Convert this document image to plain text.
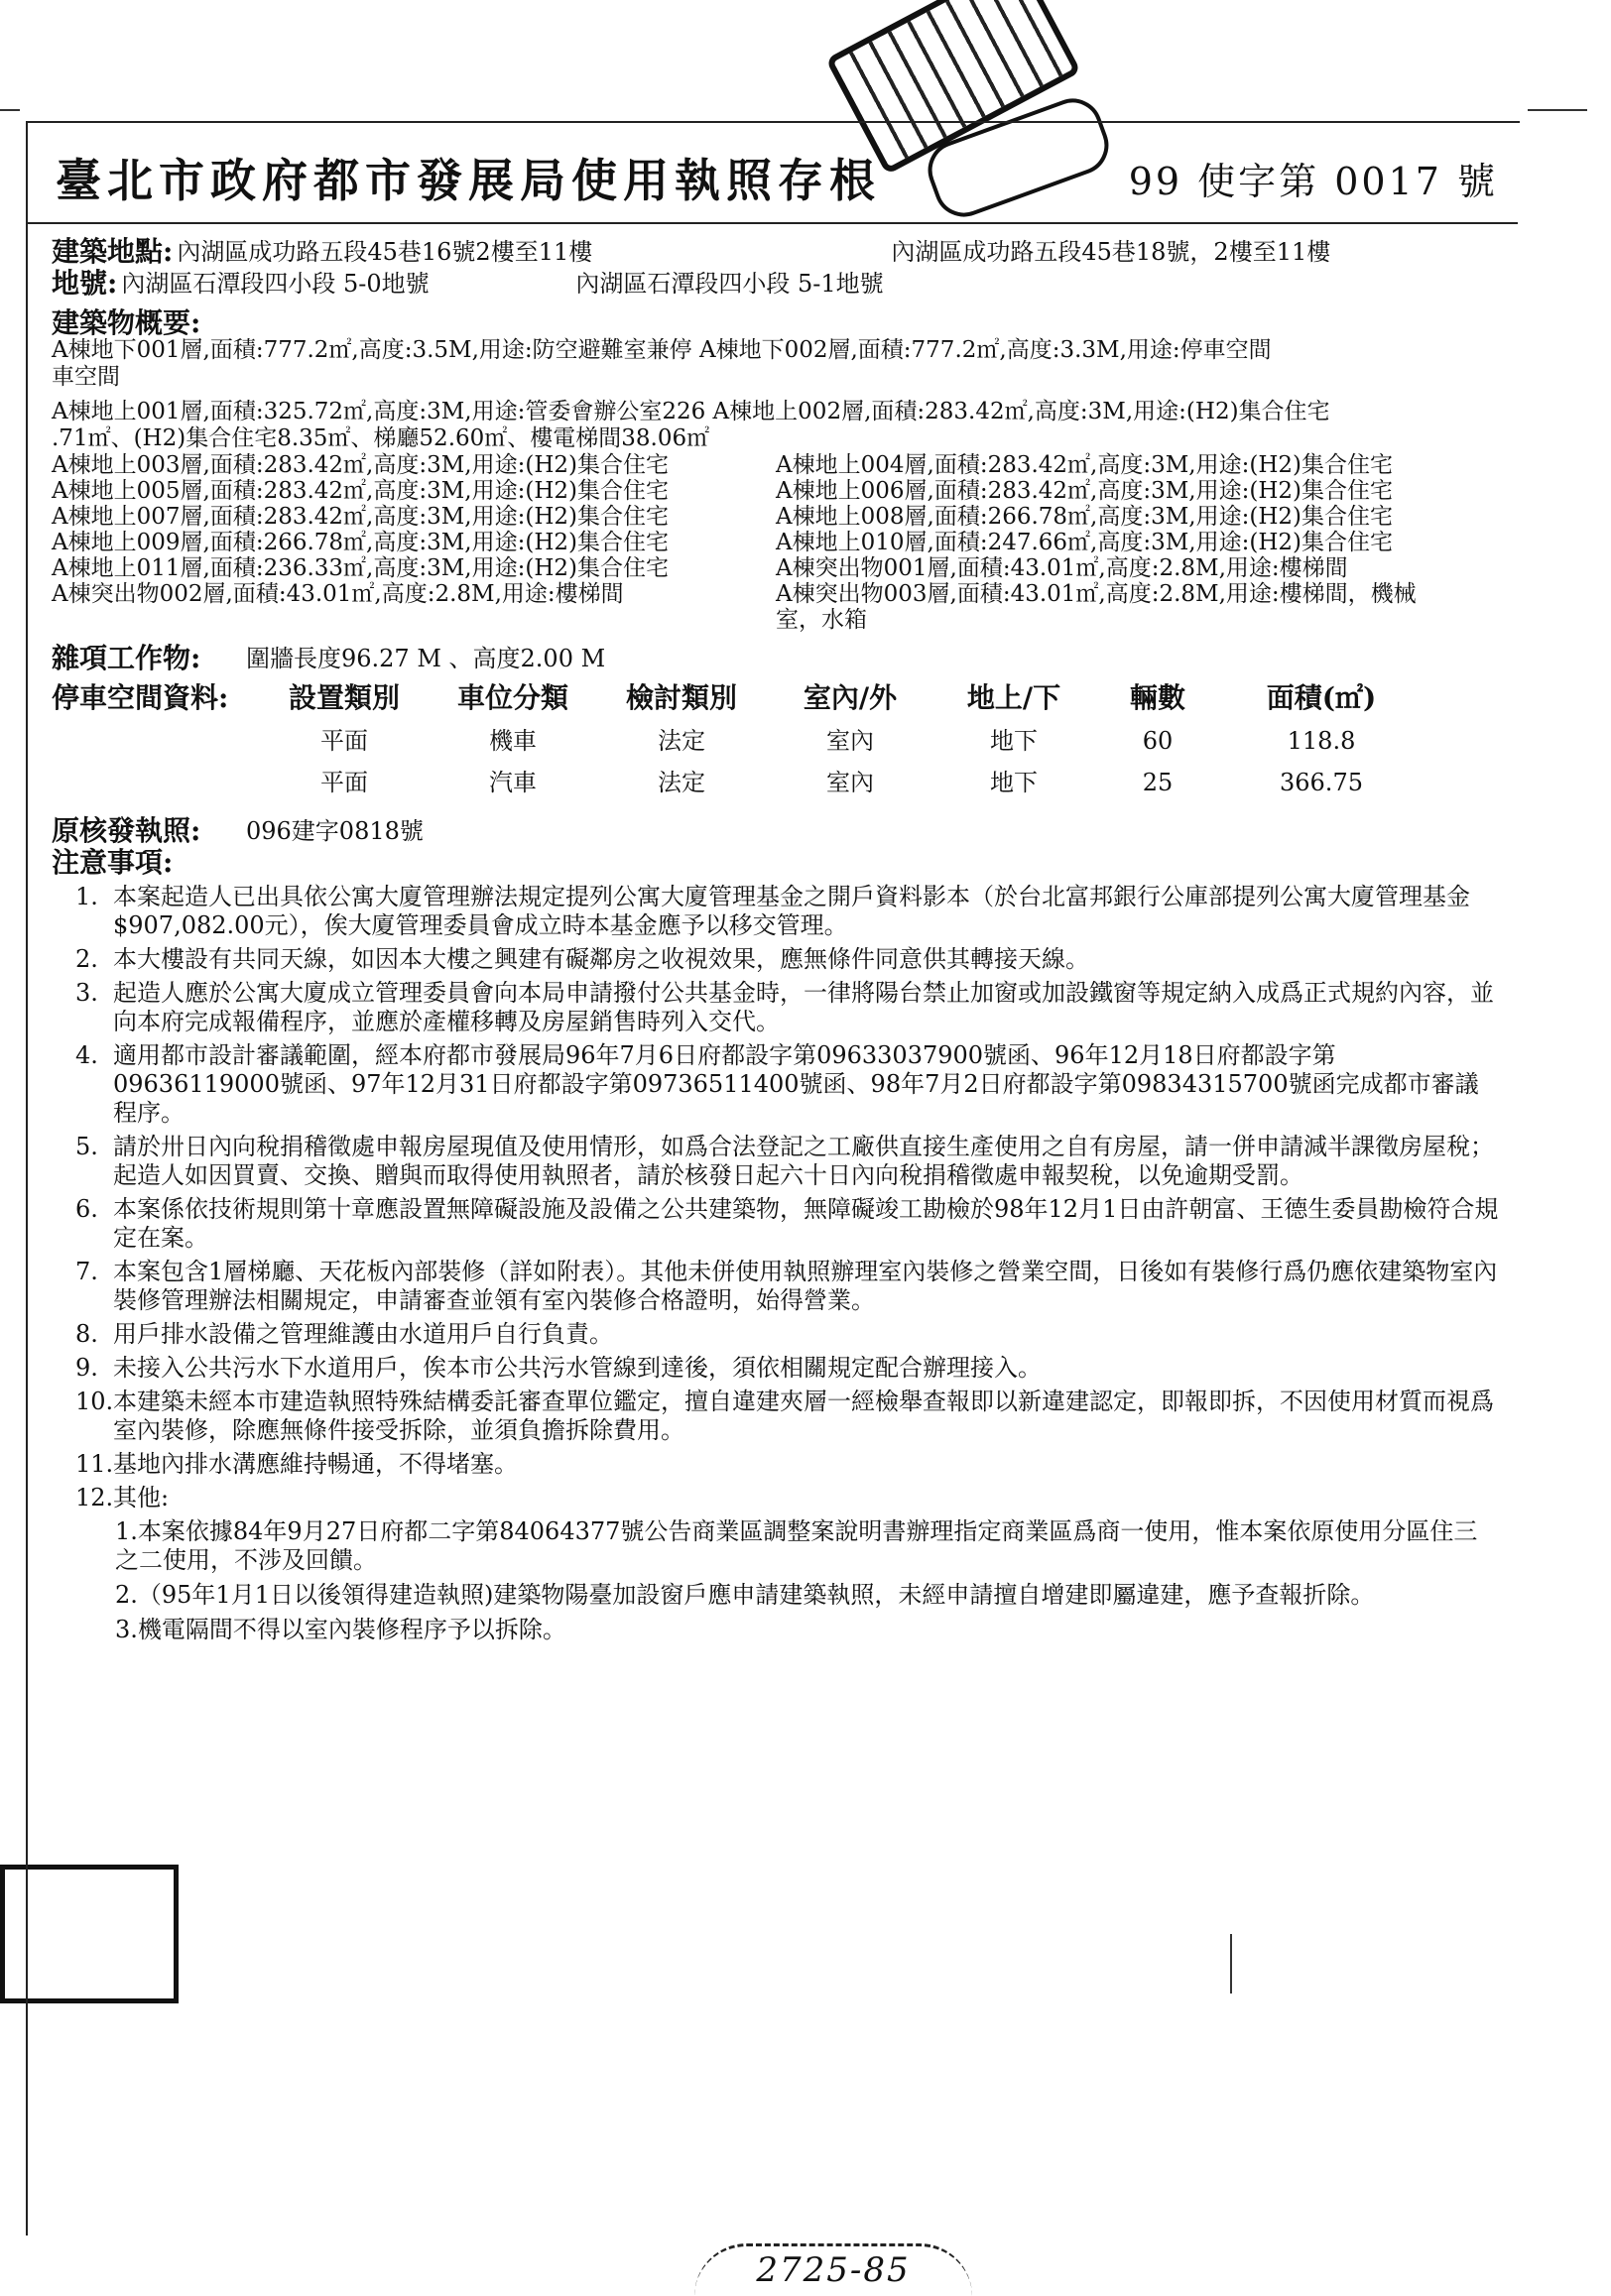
臺北市政府都市發展局使用執照存根	99 使字第 0017 號
建築地點: 內湖區成功路五段45巷16號2樓至11樓	內湖區成功路五段45巷18號，2樓至11樓
地號: 內湖區石潭段四小段 5-0地號	內湖區石潭段四小段 5-1地號
建築物概要:
A棟地下001層,面積:777.2㎡,高度:3.5M,用途:防空避難室兼停 A棟地下002層,面積:777.2㎡,高度:3.3M,用途:停車空間
車空間
A棟地上001層,面積:325.72㎡,高度:3M,用途:管委會辦公室226 A棟地上002層,面積:283.42㎡,高度:3M,用途:(H2)集合住宅
.71㎡、(H2)集合住宅8.35㎡、梯廳52.60㎡、樓電梯間38.06㎡
A棟地上003層,面積:283.42㎡,高度:3M,用途:(H2)集合住宅	A棟地上004層,面積:283.42㎡,高度:3M,用途:(H2)集合住宅
A棟地上005層,面積:283.42㎡,高度:3M,用途:(H2)集合住宅	A棟地上006層,面積:283.42㎡,高度:3M,用途:(H2)集合住宅
A棟地上007層,面積:283.42㎡,高度:3M,用途:(H2)集合住宅	A棟地上008層,面積:266.78㎡,高度:3M,用途:(H2)集合住宅
A棟地上009層,面積:266.78㎡,高度:3M,用途:(H2)集合住宅	A棟地上010層,面積:247.66㎡,高度:3M,用途:(H2)集合住宅
A棟地上011層,面積:236.33㎡,高度:3M,用途:(H2)集合住宅	A棟突出物001層,面積:43.01㎡,高度:2.8M,用途:樓梯間
A棟突出物002層,面積:43.01㎡,高度:2.8M,用途:樓梯間	A棟突出物003層,面積:43.01㎡,高度:2.8M,用途:樓梯間，機械
室，水箱
雜項工作物:	圍牆長度96.27 M 、高度2.00 M
停車空間資料:	設置類別	車位分類	檢討類別	室內/外	地上/下	輛數	面積(㎡)
平面	機車	法定	室內	地下	60	118.8
平面	汽車	法定	室內	地下	25	366.75
原核發執照:	096建字0818號
注意事項:
1. 本案起造人已出具依公寓大廈管理辦法規定提列公寓大廈管理基金之開戶資料影本（於台北富邦銀行公庫部提列公寓大廈管理基金$907,082.00元），俟大廈管理委員會成立時本基金應予以移交管理。
2. 本大樓設有共同天線，如因本大樓之興建有礙鄰房之收視效果，應無條件同意供其轉接天線。
3. 起造人應於公寓大廈成立管理委員會向本局申請撥付公共基金時，一律將陽台禁止加窗或加設鐵窗等規定納入成爲正式規約內容，並向本府完成報備程序，並應於產權移轉及房屋銷售時列入交代。
4. 適用都市設計審議範圍，經本府都市發展局96年7月6日府都設字第09633037900號函、96年12月18日府都設字第09636119000號函、97年12月31日府都設字第09736511400號函、98年7月2日府都設字第09834315700號函完成都市審議程序。
5. 請於卅日內向稅捐稽徵處申報房屋現值及使用情形，如爲合法登記之工廠供直接生產使用之自有房屋，請一併申請減半課徵房屋稅；起造人如因買賣、交換、贈與而取得使用執照者，請於核發日起六十日內向稅捐稽徵處申報契稅，以免逾期受罰。
6. 本案係依技術規則第十章應設置無障礙設施及設備之公共建築物，無障礙竣工勘檢於98年12月1日由許朝富、王德生委員勘檢符合規定在案。
7. 本案包含1層梯廳、天花板內部裝修（詳如附表）。其他未併使用執照辦理室內裝修之營業空間，日後如有裝修行爲仍應依建築物室內裝修管理辦法相關規定，申請審查並領有室內裝修合格證明，始得營業。
8. 用戶排水設備之管理維護由水道用戶自行負責。
9. 未接入公共污水下水道用戶，俟本市公共污水管線到達後，須依相關規定配合辦理接入。
10. 本建築未經本市建造執照特殊結構委託審查單位鑑定，擅自違建夾層一經檢舉查報即以新違建認定，即報即拆，不因使用材質而視爲室內裝修，除應無條件接受拆除，並須負擔拆除費用。
11. 基地內排水溝應維持暢通，不得堵塞。
12. 其他:
1.本案依據84年9月27日府都二字第84064377號公告商業區調整案說明書辦理指定商業區爲商一使用，惟本案依原使用分區住三之二使用，不涉及回饋。
2.（95年1月1日以後領得建造執照)建築物陽臺加設窗戶應申請建築執照，未經申請擅自增建即屬違建，應予查報折除。
3.機電隔間不得以室內裝修程序予以拆除。
2725-85
